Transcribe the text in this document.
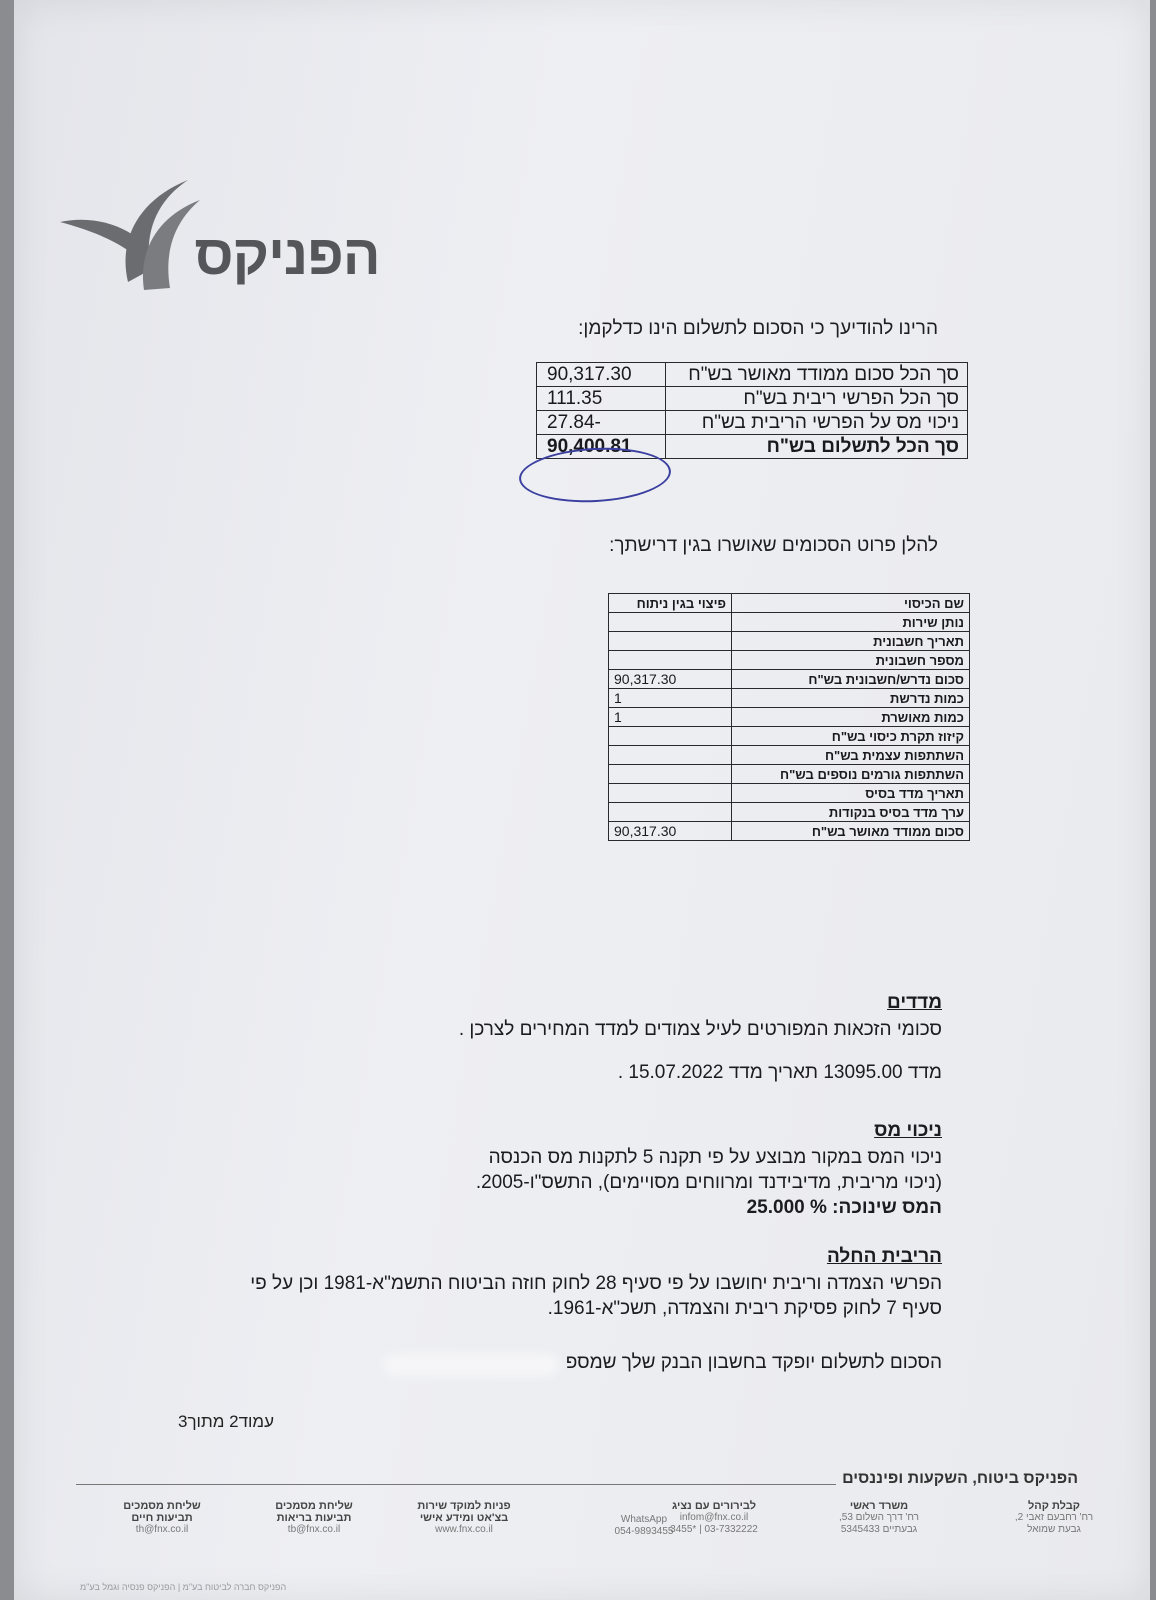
הפניקס
הרינו להודיעך כי הסכום לתשלום הינו כדלקמן:
סך הכל סכום ממודד מאושר בש"ח	90,317.30
סך הכל הפרשי ריבית בש"ח	111.35
ניכוי מס על הפרשי הריבית בש"ח	-27.84
סך הכל לתשלום בש"ח	90,400.81
להלן פרוט הסכומים שאושרו בגין דרישתך:
שם הכיסוי	פיצוי בגין ניתוח
נותן שירות	
תאריך חשבונית	
מספר חשבונית	
סכום נדרש/חשבונית בש"ח	90,317.30
כמות נדרשת	1
כמות מאושרת	1
קיזוז תקרת כיסוי בש"ח	
השתתפות עצמית בש"ח	
השתתפות גורמים נוספים בש"ח	
תאריך מדד בסיס	
ערך מדד בסיס בנקודות	
סכום ממודד מאושר בש"ח	90,317.30
מדדים

סכומי הזכאות המפורטים לעיל צמודים למדד המחירים לצרכן .

מדד 13095.00 תאריך מדד 15.07.2022 .

ניכוי מס

ניכוי המס במקור מבוצע על פי תקנה 5 לתקנות מס הכנסה

(ניכוי מריבית, מדיבידנד ומרווחים מסויימים), התשס"ו-2005.

המס שינוכה: % 25.000

הריבית החלה

הפרשי הצמדה וריבית יחושבו על פי סעיף 28 לחוק חוזה הביטוח התשמ"א-1981 וכן על פי

סעיף 7 לחוק פסיקת ריבית והצמדה, תשכ"א-1961.

הסכום לתשלום יופקד בחשבון הבנק שלך שמספ
עמוד2 מתוך3
הפניקס ביטוח, השקעות ופיננסים
קבלת קהל
רח' רחבעם זאבי 2,
גבעת שמואל
משרד ראשי
רח' דרך השלום 53,
גבעתיים 5345433
לבירורים עם נציג
infom@fnx.co.il
03-7332222 | *3455
WhatsApp
054-9893455
פניות למוקד שירות
בצ'אט ומידע אישי
www.fnx.co.il
שליחת מסמכים
תביעות בריאות
tb@fnx.co.il
שליחת מסמכים
תביעות חיים
th@fnx.co.il
הפניקס חברה לביטוח בע"מ | הפניקס פנסיה וגמל בע"מ
